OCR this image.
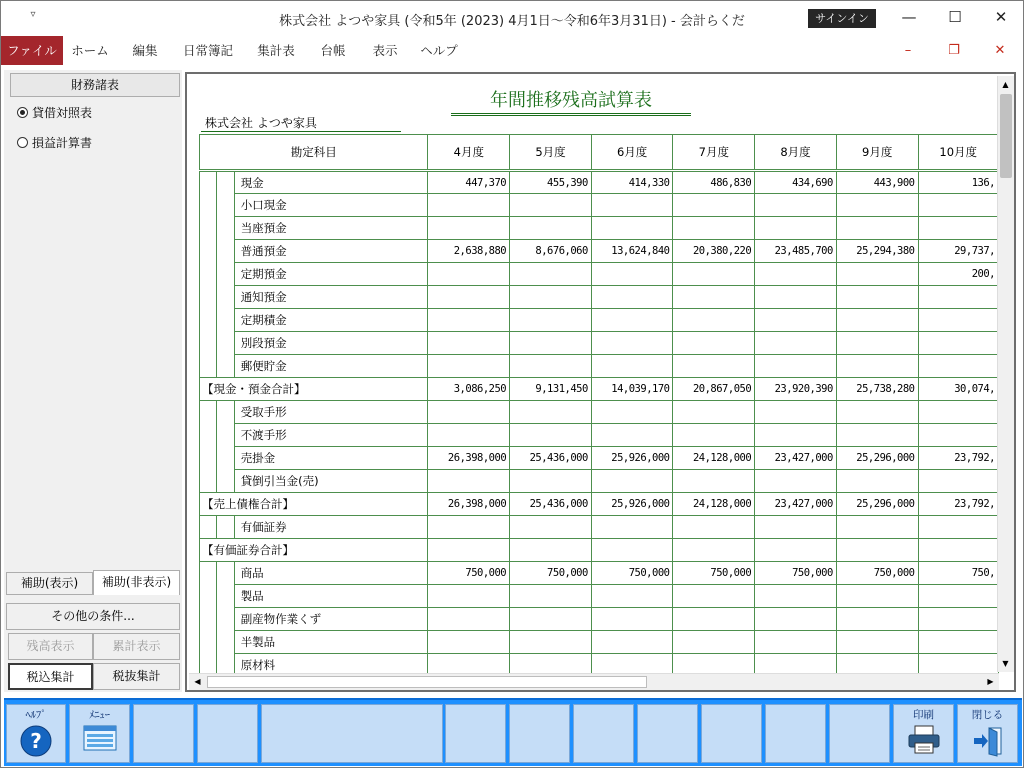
▿	株式会社 よつや家具 (令和5年 (2023) 4月1日～令和6年3月31日) - 会計らくだ	サインイン	—	☐	✕
ファイル	ホーム	編集	日常簿記	集計表	台帳	表示	ヘルプ	–	❐	✕
財務諸表
貸借対照表
損益計算書
補助(表示)	補助(非表示)
その他の条件...
残高表示	累計表示
税込集計	税抜集計
年間推移残高試算表
株式会社 よつや家具
勘定科目			4月度	5月度	6月度	7月度	8月度	9月度	10月度
		現金	447,370	455,390	414,330	486,830	434,690	443,900	136,
		小口現金							
		当座預金							
		普通預金	2,638,880	8,676,060	13,624,840	20,380,220	23,485,700	25,294,380	29,737,
		定期預金							200,
		通知預金							
		定期積金							
		別段預金							
		郵便貯金							
【現金・預金合計】			3,086,250	9,131,450	14,039,170	20,867,050	23,920,390	25,738,280	30,074,
		受取手形							
		不渡手形							
		売掛金	26,398,000	25,436,000	25,926,000	24,128,000	23,427,000	25,296,000	23,792,
		貸倒引当金(売)							
【売上債権合計】			26,398,000	25,436,000	25,926,000	24,128,000	23,427,000	25,296,000	23,792,
		有価証券							
【有価証券合計】									
		商品	750,000	750,000	750,000	750,000	750,000	750,000	750,
		製品							
		副産物作業くず							
		半製品							
		原材料							
▲
▼
◀	▶
ﾍﾙﾌﾟ
?
ﾒﾆｭｰ	印刷	閉じる
